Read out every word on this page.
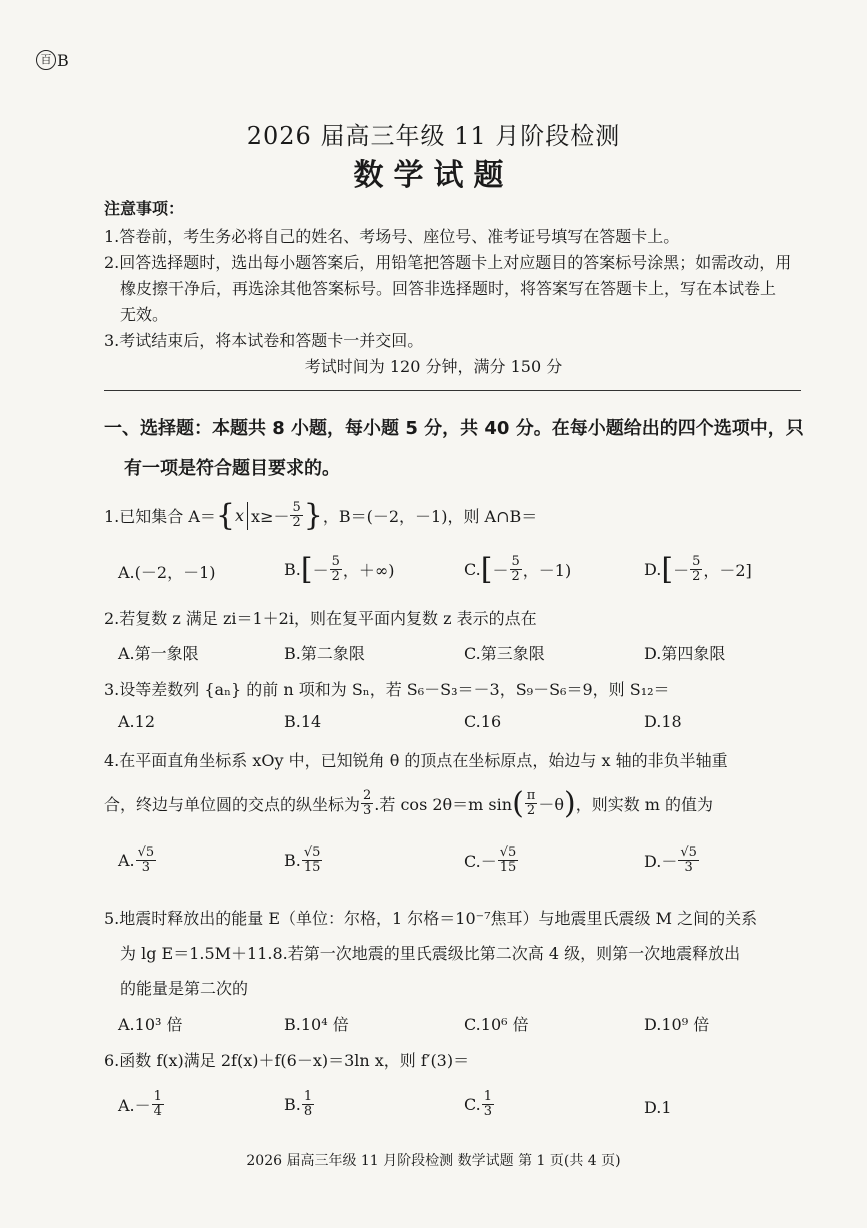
百 B
2026 届高三年级 11 月阶段检测
数学试题
注意事项：
1.答卷前，考生务必将自己的姓名、考场号、座位号、准考证号填写在答题卡上。
2.回答选择题时，选出每小题答案后，用铅笔把答题卡上对应题目的答案标号涂黑；如需改动，用
橡皮擦干净后，再选涂其他答案标号。回答非选择题时，将答案写在答题卡上，写在本试卷上
无效。
3.考试结束后，将本试卷和答题卡一并交回。
考试时间为 120 分钟，满分 150 分
一、选择题：本题共 8 小题，每小题 5 分，共 40 分。在每小题给出的四个选项中，只
有一项是符合题目要求的。
1.已知集合 A＝ { x $x\ge- \frac{5}{2}$ } ，B＝(－2，－1)，则 A∩B＝
A.(－2，－1)	B. [ － $\frac{5}{2}$ ，＋∞)	C. [ － $\frac{5}{2}$ ，－1)	D. [ － $\frac{5}{2}$ ，－2]
2.若复数 z 满足 zi＝1＋2i，则在复平面内复数 z 表示的点在
A.第一象限	B.第二象限	C.第三象限	D.第四象限
3.设等差数列 {aₙ} 的前 n 项和为 Sₙ，若 S₆－S₃＝－3，S₉－S₆＝9，则 S₁₂＝
A.12	B.14	C.16	D.18
4.在平面直角坐标系 xOy 中，已知锐角 θ 的顶点在坐标原点，始边与 x 轴的非负半轴重
合，终边与单位圆的交点的纵坐标为 $\frac{2}{3}$ .若 cos 2θ＝m sin ( $\frac{\pi}{2} -\theta$ ) ，则实数 m 的值为
A. $\frac{√5}{3}$	B. $\frac{√5}{15}$	$C.- \frac{√5}{15}$	$D.- \frac{√5}{3}$
5.地震时释放出的能量 E（单位：尔格，1 尔格＝10⁻⁷焦耳）与地震里氏震级 M 之间的关系
为 lg E＝1.5M＋11.8.若第一次地震的里氏震级比第二次高 4 级，则第一次地震释放出
的能量是第二次的
A.10³ 倍	B.10⁴ 倍	C.10⁶ 倍	D.10⁹ 倍
6.函数 f(x)满足 2f(x)＋f(6－x)＝3ln x，则 f′(3)＝
$A.- \frac{1}{4}$	B. $\frac{1}{8}$	C. $\frac{1}{3}$	D.1
2026 届高三年级 11 月阶段检测 数学试题 第 1 页(共 4 页)
